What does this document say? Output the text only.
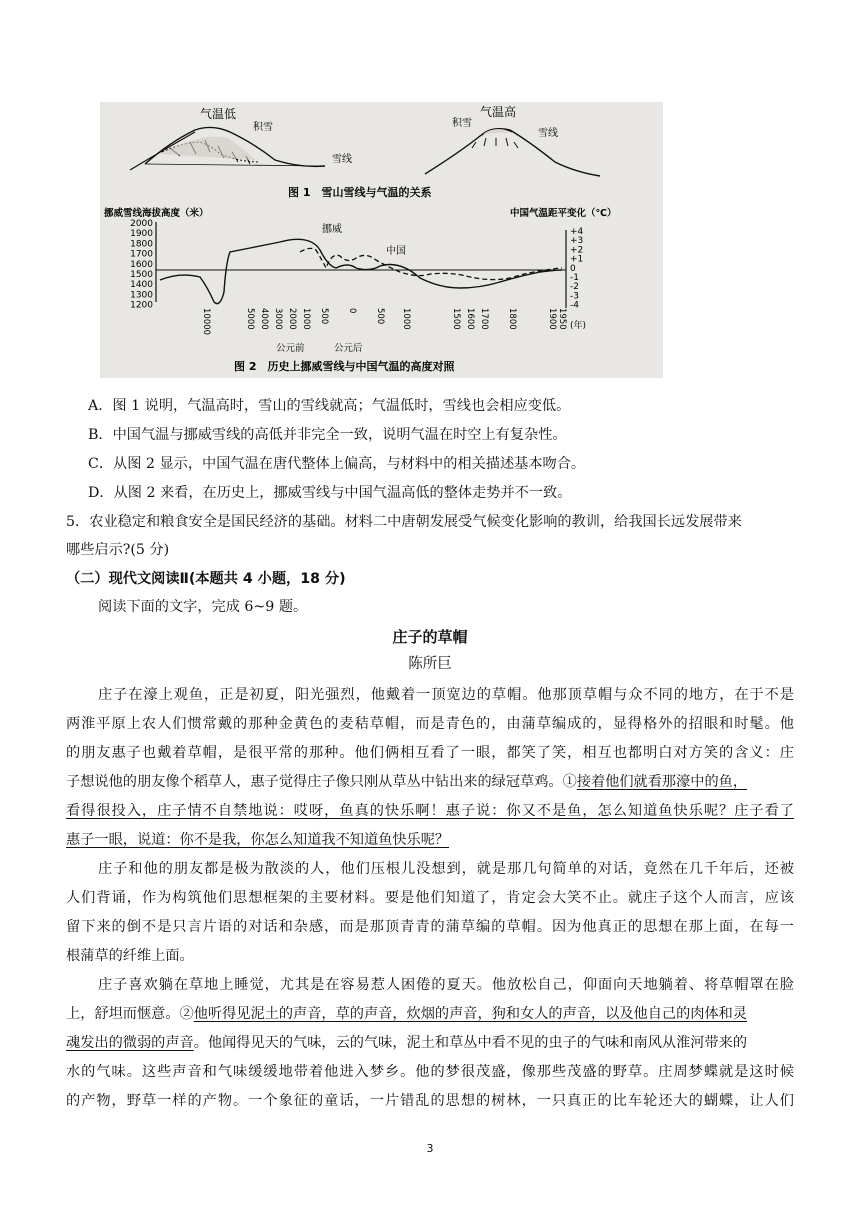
气温低
积雪
雪线
气温高
积雪
雪线
图 1　雪山雪线与气温的关系
挪威雪线海拔高度（米）	中国气温距平变化（℃）
2000
1900
1800
1700
1600
1500
1400
1300
1200
+4
+3
+2
+1
0
-1
-2
-3
-4
10000	5000 4000 3000 2000 1000 500 0 500 1000	1500 1600 1700 1800	1900 1950
挪威
中国
(年)
公元前	公元后
图 2　历史上挪威雪线与中国气温的高度对照
A．图 1 说明，气温高时，雪山的雪线就高；气温低时，雪线也会相应变低。
B．中国气温与挪威雪线的高低并非完全一致，说明气温在时空上有复杂性。
C．从图 2 显示，中国气温在唐代整体上偏高，与材料中的相关描述基本吻合。
D．从图 2 来看，在历史上，挪威雪线与中国气温高低的整体走势并不一致。
5．农业稳定和粮食安全是国民经济的基础。材料二中唐朝发展受气候变化影响的教训，给我国长远发展带来
哪些启示?(5 分)
（二）现代文阅读Ⅱ(本题共 4 小题，18 分)
阅读下面的文字，完成 6~9 题。
庄子的草帽
陈所巨
庄子在濠上观鱼，正是初夏，阳光强烈，他戴着一顶宽边的草帽。他那顶草帽与众不同的地方，在于不是
两淮平原上农人们惯常戴的那种金黄色的麦秸草帽，而是青色的，由蒲草编成的，显得格外的招眼和时髦。他
的朋友惠子也戴着草帽，是很平常的那种。他们俩相互看了一眼，都笑了笑，相互也都明白对方笑的含义：庄
子想说他的朋友像个稻草人，惠子觉得庄子像只刚从草丛中钻出来的绿冠草鸡。①接着他们就看那濠中的鱼，
看得很投入，庄子情不自禁地说：哎呀，鱼真的快乐啊！惠子说：你又不是鱼，怎么知道鱼快乐呢？庄子看了
惠子一眼，说道：你不是我，你怎么知道我不知道鱼快乐呢？
庄子和他的朋友都是极为散淡的人，他们压根儿没想到，就是那几句简单的对话，竟然在几千年后，还被
人们背诵，作为构筑他们思想框架的主要材料。要是他们知道了，肯定会大笑不止。就庄子这个人而言，应该
留下来的倒不是只言片语的对话和杂感，而是那顶青青的蒲草编的草帽。因为他真正的思想在那上面，在每一
根蒲草的纤维上面。
庄子喜欢躺在草地上睡觉，尤其是在容易惹人困倦的夏天。他放松自己，仰面向天地躺着、将草帽罩在脸
上，舒坦而惬意。②他听得见泥土的声音，草的声音，炊烟的声音，狗和女人的声音，以及他自己的肉体和灵
魂发出的微弱的声音。他闻得见天的气味，云的气味，泥土和草丛中看不见的虫子的气味和南风从淮河带来的
水的气味。这些声音和气味缓缓地带着他进入梦乡。他的梦很茂盛，像那些茂盛的野草。庄周梦蝶就是这时候
的产物，野草一样的产物。一个象征的童话，一片错乱的思想的树林，一只真正的比车轮还大的蝴蝶，让人们
3
